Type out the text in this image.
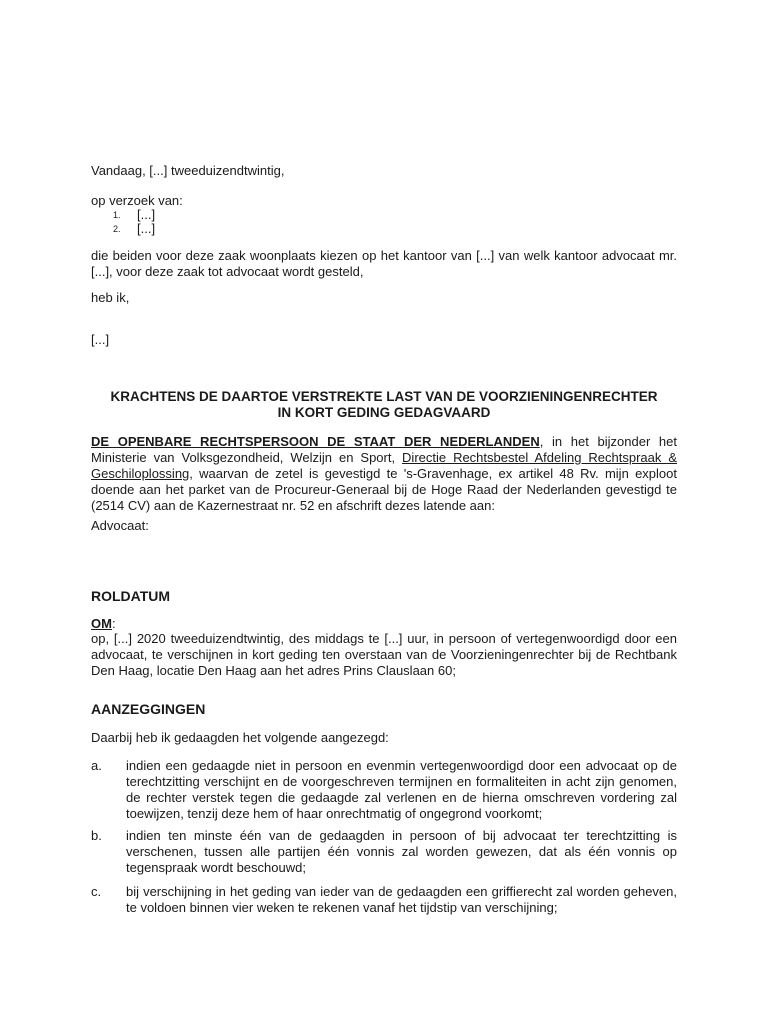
Vandaag, [...] tweeduizendtwintig,

op verzoek van:

1. [...]
2. [...]

die beiden voor deze zaak woonplaats kiezen op het kantoor van [...] van welk kantoor advocaat mr. [...], voor deze zaak tot advocaat wordt gesteld,

heb ik,

[...]

KRACHTENS DE DAARTOE VERSTREKTE LAST VAN DE VOORZIENINGENRECHTER
IN KORT GEDING GEDAGVAARD

DE OPENBARE RECHTSPERSOON DE STAAT DER NEDERLANDEN, in het bijzonder het Ministerie van Volksgezondheid, Welzijn en Sport, Directie Rechtsbestel Afdeling Rechtspraak & Geschiloplossing, waarvan de zetel is gevestigd te 's-Gravenhage, ex artikel 48 Rv. mijn exploot doende aan het parket van de Procureur-Generaal bij de Hoge Raad der Nederlanden gevestigd te (2514 CV) aan de Kazernestraat nr. 52 en afschrift dezes latende aan:

Advocaat:

ROLDATUM

OM:

op, [...] 2020 tweeduizendtwintig, des middags te [...] uur, in persoon of vertegenwoordigd door een advocaat, te verschijnen in kort geding ten overstaan van de Voorzieningenrechter bij de Rechtbank Den Haag, locatie Den Haag aan het adres Prins Clauslaan 60;

AANZEGGINGEN

Daarbij heb ik gedaagden het volgende aangezegd:

a. indien een gedaagde niet in persoon en evenmin vertegenwoordigd door een advocaat op de terechtzitting verschijnt en de voorgeschreven termijnen en formaliteiten in acht zijn genomen, de rechter verstek tegen die gedaagde zal verlenen en de hierna omschreven vordering zal toewijzen, tenzij deze hem of haar onrechtmatig of ongegrond voorkomt;
b. indien ten minste één van de gedaagden in persoon of bij advocaat ter terechtzitting is verschenen, tussen alle partijen één vonnis zal worden gewezen, dat als één vonnis op tegenspraak wordt beschouwd;
c. bij verschijning in het geding van ieder van de gedaagden een griffierecht zal worden geheven, te voldoen binnen vier weken te rekenen vanaf het tijdstip van verschijning;
